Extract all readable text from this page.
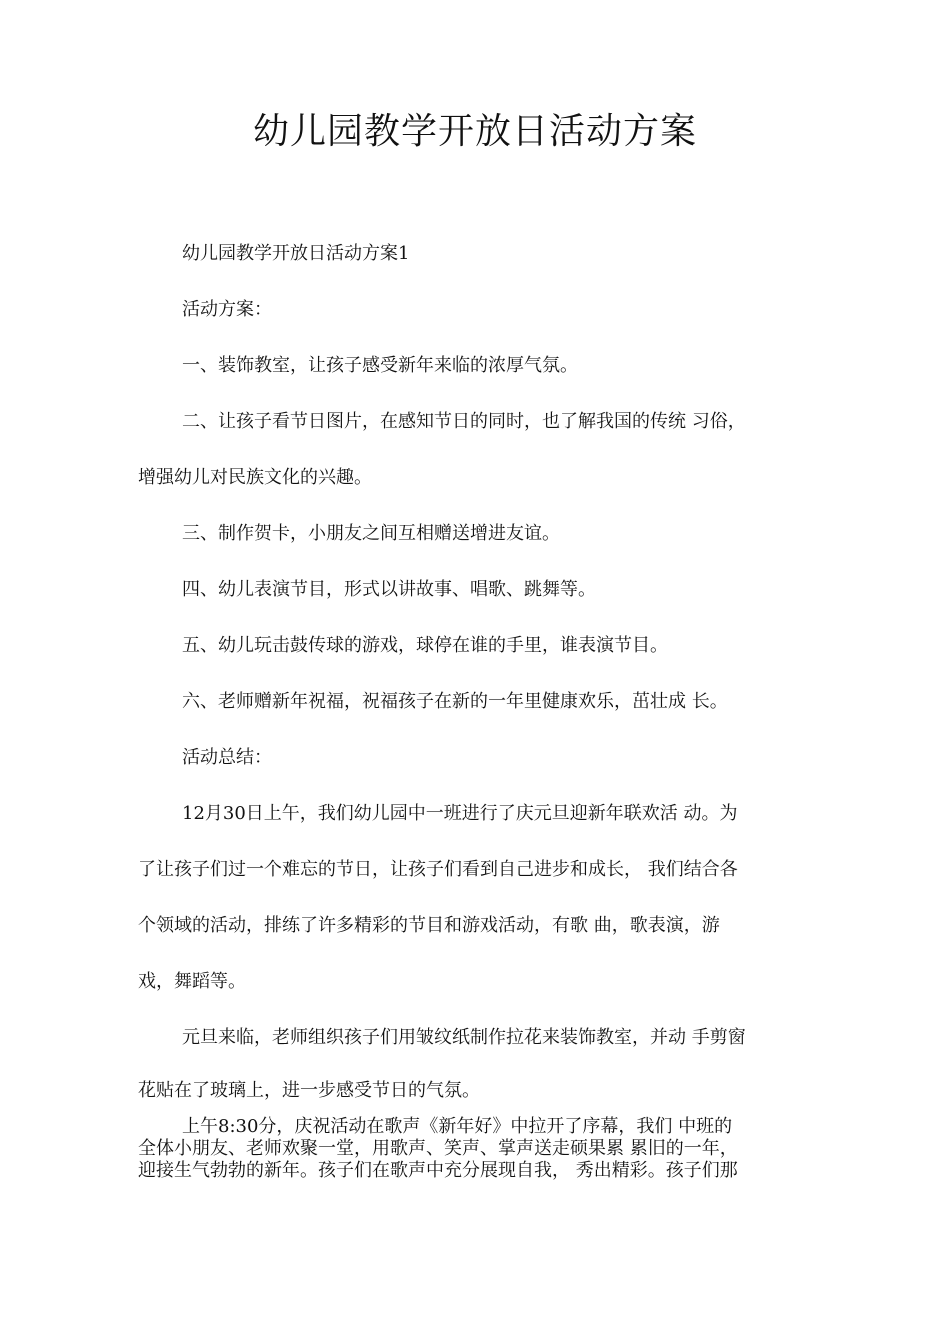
幼儿园教学开放日活动方案
幼儿园教学开放日活动方案1
活动方案：
一、装饰教室，让孩子感受新年来临的浓厚气氛。
二、让孩子看节日图片，在感知节日的同时，也了解我国的传统 习俗，
增强幼儿对民族文化的兴趣。
三、制作贺卡，小朋友之间互相赠送增进友谊。
四、幼儿表演节目，形式以讲故事、唱歌、跳舞等。
五、幼儿玩击鼓传球的游戏，球停在谁的手里，谁表演节目。
六、老师赠新年祝福，祝福孩子在新的一年里健康欢乐，茁壮成 长。
活动总结：
12月30日上午，我们幼儿园中一班进行了庆元旦迎新年联欢活 动。为
了让孩子们过一个难忘的节日，让孩子们看到自己进步和成长， 我们结合各
个领域的活动，排练了许多精彩的节目和游戏活动，有歌 曲，歌表演，游
戏，舞蹈等。
元旦来临，老师组织孩子们用皱纹纸制作拉花来装饰教室，并动 手剪窗
花贴在了玻璃上，进一步感受节日的气氛。
上午8:30分，庆祝活动在歌声《新年好》中拉开了序幕，我们 中班的
全体小朋友、老师欢聚一堂，用歌声、笑声、掌声送走硕果累 累旧的一年，
迎接生气勃勃的新年。孩子们在歌声中充分展现自我， 秀出精彩。孩子们那
